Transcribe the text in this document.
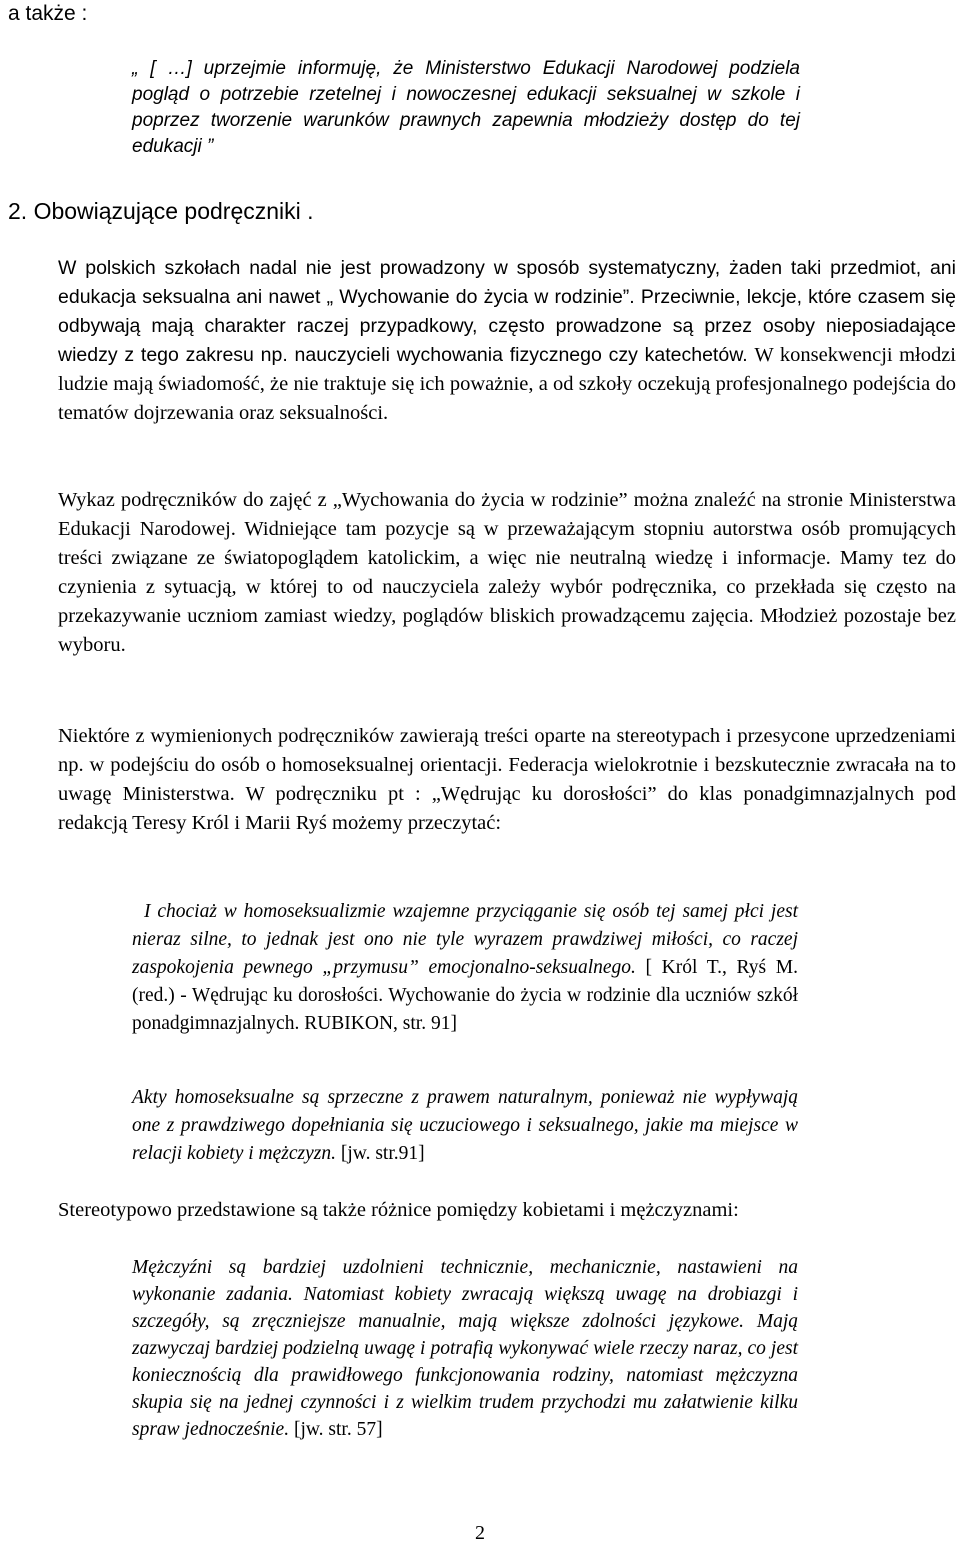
a także :
„ [ …] uprzejmie informuję, że Ministerstwo Edukacji Narodowej podziela pogląd o potrzebie rzetelnej i nowoczesnej edukacji seksualnej w szkole i poprzez tworzenie warunków prawnych zapewnia młodzieży dostęp do tej edukacji ”
2. Obowiązujące podręczniki .

W polskich szkołach nadal nie jest prowadzony w sposób systematyczny, żaden taki przedmiot, ani edukacja seksualna ani nawet „ Wychowanie do życia w rodzinie”. Przeciwnie, lekcje, które czasem się odbywają mają charakter raczej przypadkowy, często prowadzone są przez osoby nieposiadające wiedzy z tego zakresu np. nauczycieli wychowania fizycznego czy katechetów. W konsekwencji młodzi ludzie mają świadomość, że nie traktuje się ich poważnie, a od szkoły oczekują profesjonalnego podejścia do tematów dojrzewania oraz seksualności.

Wykaz podręczników do zajęć z „Wychowania do życia w rodzinie” można znaleźć na stronie Ministerstwa Edukacji Narodowej. Widniejące tam pozycje są w przeważającym stopniu autorstwa osób promujących treści związane ze światopoglądem katolickim, a więc nie neutralną wiedzę i informacje. Mamy tez do czynienia z sytuacją, w której to od nauczyciela zależy wybór podręcznika, co przekłada się często na przekazywanie uczniom zamiast wiedzy, poglądów bliskich prowadzącemu zajęcia. Młodzież pozostaje bez wyboru.

Niektóre z wymienionych podręczników zawierają treści oparte na stereotypach i przesycone uprzedzeniami np. w podejściu do osób o homoseksualnej orientacji. Federacja wielokrotnie i bezskutecznie zwracała na to uwagę Ministerstwa. W podręczniku pt : „Wędrując ku dorosłości” do klas ponadgimnazjalnych pod redakcją Teresy Król i Marii Ryś możemy przeczytać:

I chociaż w homoseksualizmie wzajemne przyciąganie się osób tej samej płci jest nieraz silne, to jednak jest ono nie tyle wyrazem prawdziwej miłości, co raczej zaspokojenia pewnego „przymusu” emocjonalno-seksualnego. [ Król T., Ryś M. (red.) - Wędrując ku dorosłości. Wychowanie do życia w rodzinie dla uczniów szkół ponadgimnazjalnych. RUBIKON, str. 91]

Akty homoseksualne są sprzeczne z prawem naturalnym, ponieważ nie wypływają one z prawdziwego dopełniania się uczuciowego i seksualnego, jakie ma miejsce w relacji kobiety i mężczyzn. [jw. str.91]

Stereotypowo przedstawione są także różnice pomiędzy kobietami i mężczyznami:

Mężczyźni są bardziej uzdolnieni technicznie, mechanicznie, nastawieni na wykonanie zadania. Natomiast kobiety zwracają większą uwagę na drobiazgi i szczegóły, są zręczniejsze manualnie, mają większe zdolności językowe. Mają zazwyczaj bardziej podzielną uwagę i potrafią wykonywać wiele rzeczy naraz, co jest koniecznością dla prawidłowego funkcjonowania rodziny, natomiast mężczyzna skupia się na jednej czynności i z wielkim trudem przychodzi mu załatwienie kilku spraw jednocześnie. [jw. str. 57]

2
